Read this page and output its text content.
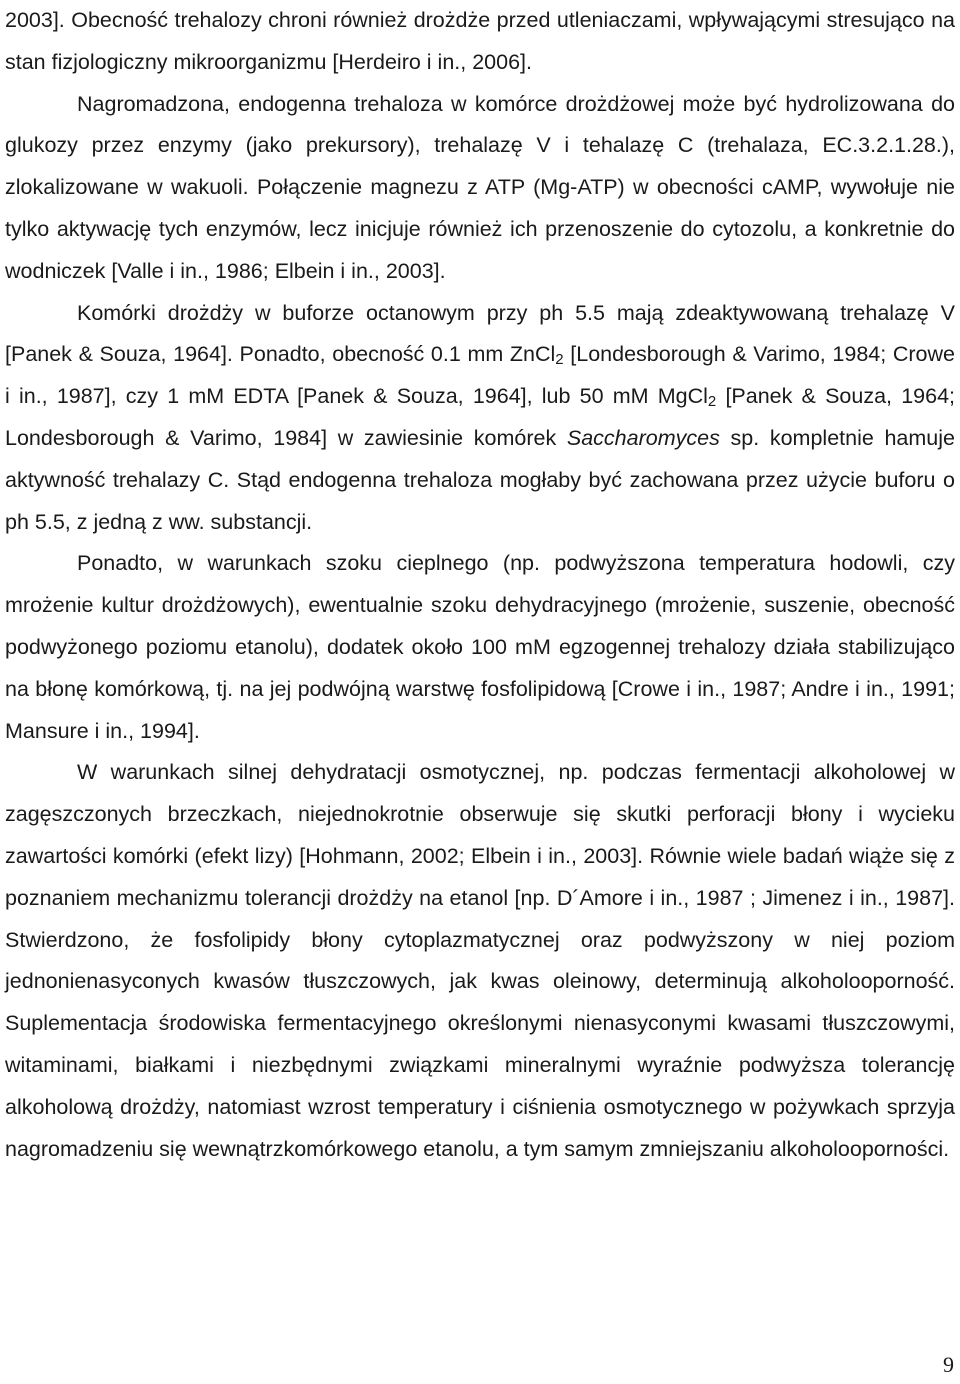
2003]. Obecność trehalozy chroni również drożdże przed utleniaczami, wpływającymi stresująco na stan fizjologiczny mikroorganizmu [Herdeiro i in., 2006].

Nagromadzona, endogenna trehaloza w komórce drożdżowej może być hydrolizowana do glukozy przez enzymy (jako prekursory), trehalazę V i tehalazę C (trehalaza, EC.3.2.1.28.), zlokalizowane w wakuoli. Połączenie magnezu z ATP (Mg-ATP) w obecności cAMP, wywołuje nie tylko aktywację tych enzymów, lecz inicjuje również ich przenoszenie do cytozolu, a konkretnie do wodniczek [Valle i in., 1986; Elbein i in., 2003].

Komórki drożdży w buforze octanowym przy ph 5.5 mają zdeaktywowaną trehalazę V [Panek & Souza, 1964]. Ponadto, obecność 0.1 mm ZnCl$_2$ [Londesborough & Varimo, 1984; Crowe i in., 1987], czy 1 mM EDTA [Panek & Souza, 1964], lub 50 mM MgCl$_2$ [Panek & Souza, 1964; Londesborough & Varimo, 1984] w zawiesinie komórek Saccharomyces sp. kompletnie hamuje aktywność trehalazy C. Stąd endogenna trehaloza mogłaby być zachowana przez użycie buforu o ph 5.5, z jedną z ww. substancji.

Ponadto, w warunkach szoku cieplnego (np. podwyższona temperatura hodowli, czy mrożenie kultur drożdżowych), ewentualnie szoku dehydracyjnego (mrożenie, suszenie, obecność podwyżonego poziomu etanolu), dodatek około 100 mM egzogennej trehalozy działa stabilizująco na błonę komórkową, tj. na jej podwójną warstwę fosfolipidową [Crowe i in., 1987; Andre i in., 1991; Mansure i in., 1994].

W warunkach silnej dehydratacji osmotycznej, np. podczas fermentacji alkoholowej w zagęszczonych brzeczkach, niejednokrotnie obserwuje się skutki perforacji błony i wycieku zawartości komórki (efekt lizy) [Hohmann, 2002; Elbein i in., 2003]. Równie wiele badań wiąże się z poznaniem mechanizmu tolerancji drożdży na etanol [np. D´Amore i in., 1987 ; Jimenez i in., 1987]. Stwierdzono, że fosfolipidy błony cytoplazmatycznej oraz podwyższony w niej poziom jednonienasyconych kwasów tłuszczowych, jak kwas oleinowy, determinują alkoholooporność. Suplementacja środowiska fermentacyjnego określonymi nienasyconymi kwasami tłuszczowymi, witaminami, białkami i niezbędnymi związkami mineralnymi wyraźnie podwyższa tolerancję alkoholową drożdży, natomiast wzrost temperatury i ciśnienia osmotycznego w pożywkach sprzyja nagromadzeniu się wewnątrzkomórkowego etanolu, a tym samym zmniejszaniu alkoholooporności.

9
